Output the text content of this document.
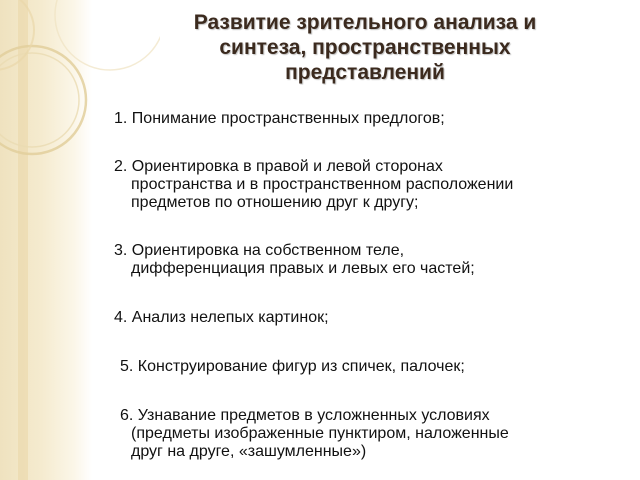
Развитие зрительного анализа и
синтеза, пространственных
представлений
1. Понимание пространственных предлогов;
2. Ориентировка в правой и левой сторонах
пространства и в пространственном расположении
предметов по отношению друг к другу;
3. Ориентировка на собственном теле,
дифференциация правых и левых его частей;
4. Анализ нелепых картинок;
5. Конструирование фигур из спичек, палочек;
6. Узнавание предметов в усложненных условиях
(предметы изображенные пунктиром, наложенные
друг на друге, «зашумленные»)
